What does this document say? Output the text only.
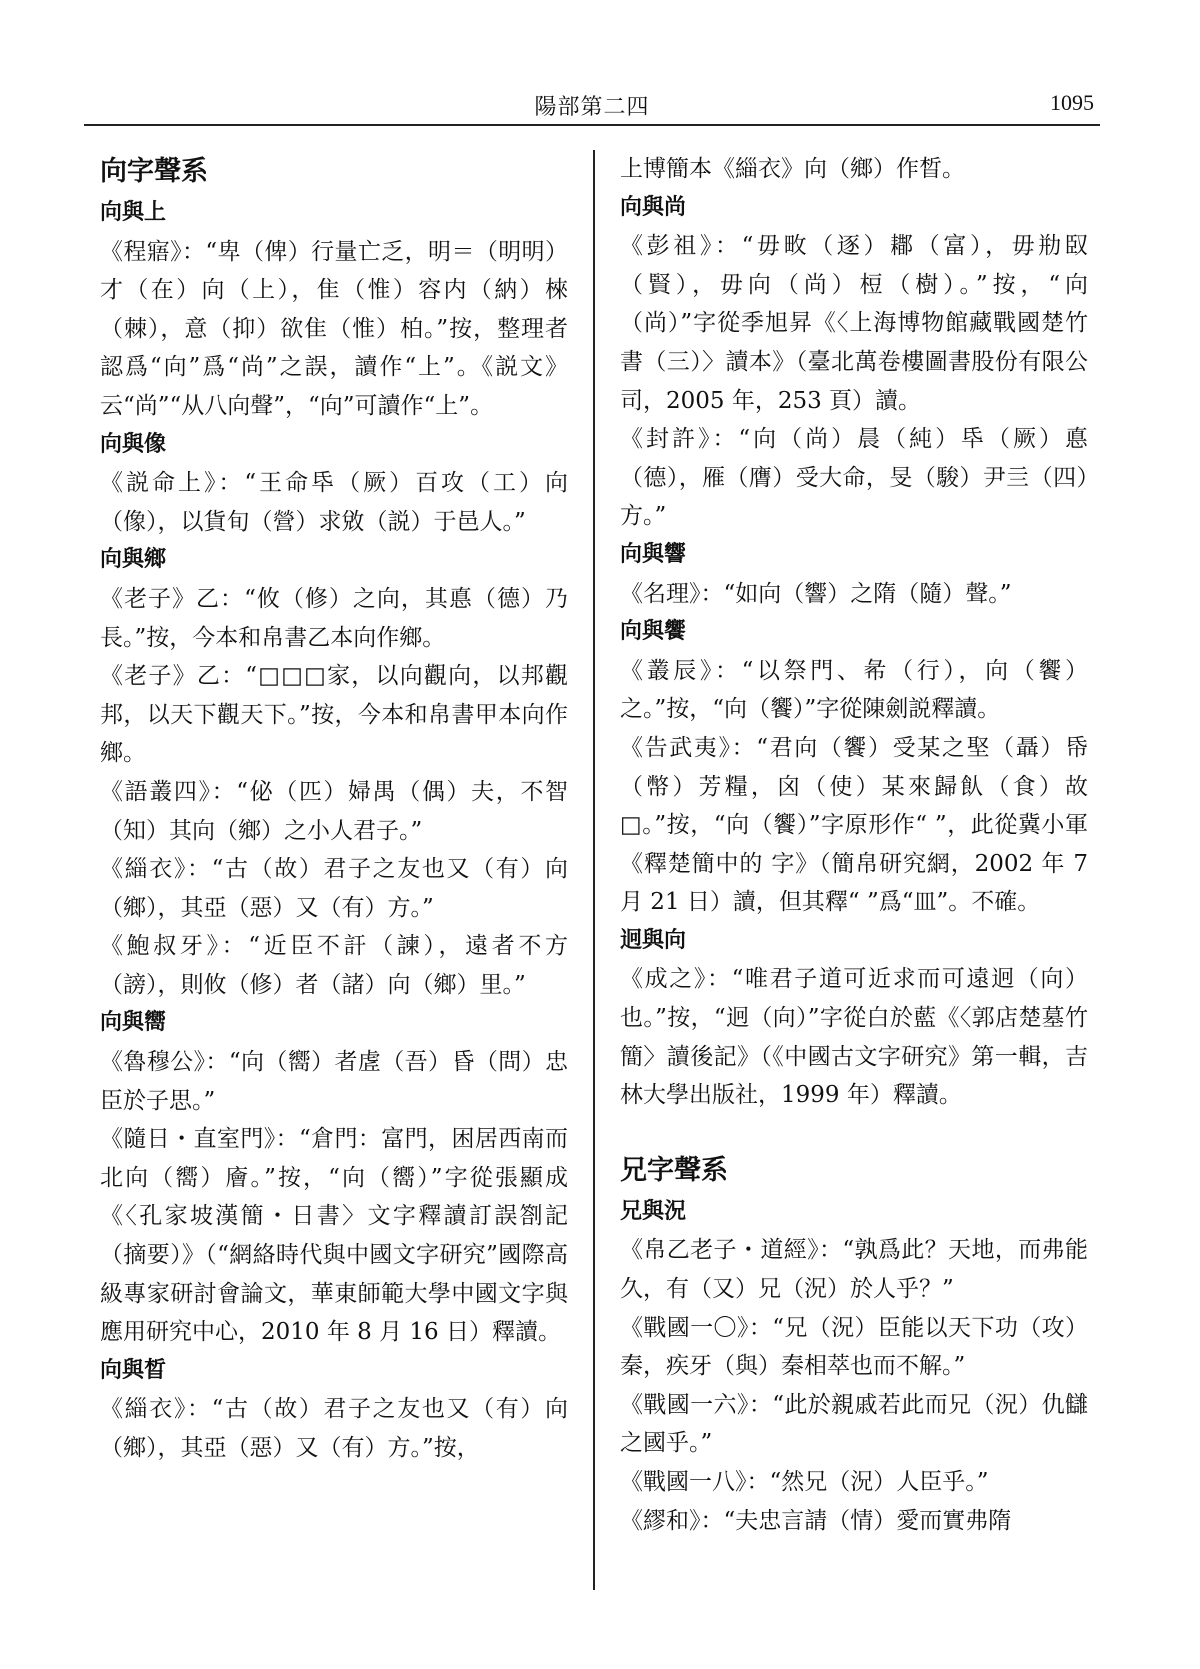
陽部第二四	1095
向字聲系
向與上

《程寤》：“卑（俾）行量亡乏，明＝（明明）才（在）向（上），隹（惟）容内（納）棶（棘），意（抑）欲隹（惟）柏。”按，整理者認爲“向”爲“尚”之誤，讀作“上”。《説文》云“尚”“从八向聲”，“向”可讀作“上”。

向與像

《説命上》：“王命氒（厥）百攻（工）向（像），以貨旬（營）求敓（説）于邑人。”

向與鄉

《老子》乙：“攸（修）之向，其悳（德）乃長。”按，今本和帛書乙本向作鄉。

《老子》乙：“□□□家，以向觀向，以邦觀邦，以天下觀天下。”按，今本和帛書甲本向作鄉。

《語叢四》：“佖（匹）婦禺（偶）夫，不智（知）其向（鄉）之小人君子。”

《緇衣》：“古（故）君子之友也又（有）向（鄉），其亞（惡）又（有）方。”

《鮑叔牙》：“近臣不訐（諫），遠者不方（謗），則攸（修）者（諸）向（鄉）里。”

向與嚮

《魯穆公》：“向（嚮）者虗（吾）昏（問）忠臣於子思。”

《隨日・直室門》：“倉門：富門，困居西南而北向（嚮）廥。”按，“向（嚮）”字從張顯成《〈孔家坡漢簡・日書〉文字釋讀訂誤劄記（摘要）》（“網絡時代與中國文字研究”國際高級專家研討會論文，華東師範大學中國文字與應用研究中心，2010 年 8 月 16 日）釋讀。

向與晳

《緇衣》：“古（故）君子之友也又（有）向（鄉），其亞（惡）又（有）方。”按，

上博簡本《緇衣》向（鄉）作晳。

向與尚

《彭祖》：“毋畋（逐）䣢（富），毋㔙臤（賢），毋向（尚）梪（樹）。”按，“向（尚）”字從季旭昇《〈上海博物館藏戰國楚竹書（三）〉讀本》（臺北萬卷樓圖書股份有限公司，2005 年，253 頁）讀。

《封許》：“向（尚）晨（純）氒（厥）悳（德），雁（膺）受大命，旻（駿）尹亖（四）方。”

向與響

《名理》：“如向（響）之隋（隨）聲。”

向與饗

《叢辰》：“以祭門、㣇（行），向（饗）之。”按，“向（饗）”字從陳劍説釋讀。

《告武夷》：“君向（饗）受某之埾（聶）帋（幣）芳糧，囟（使）某來歸飤（食）故□。”按，“向（饗）”字原形作“ ”，此從冀小軍《釋楚簡中的 字》（簡帛研究網，2002 年 7 月 21 日）讀，但其釋“ ”爲“皿”。不確。

迥與向

《成之》：“唯君子道可近求而可遠迥（向）也。”按，“迥（向）”字從白於藍《〈郭店楚墓竹簡〉讀後記》（《中國古文字研究》第一輯，吉林大學出版社，1999 年）釋讀。

兄字聲系
兄與況

《帛乙老子・道經》：“孰爲此？天地，而弗能久，有（又）兄（況）於人乎？”

《戰國一〇》：“兄（況）臣能以天下功（攻）秦，疾牙（與）秦相萃也而不解。”

《戰國一六》：“此於親戚若此而兄（況）仇讎之國乎。”

《戰國一八》：“然兄（況）人臣乎。”

《繆和》：“夫忠言請（情）愛而實弗隋
